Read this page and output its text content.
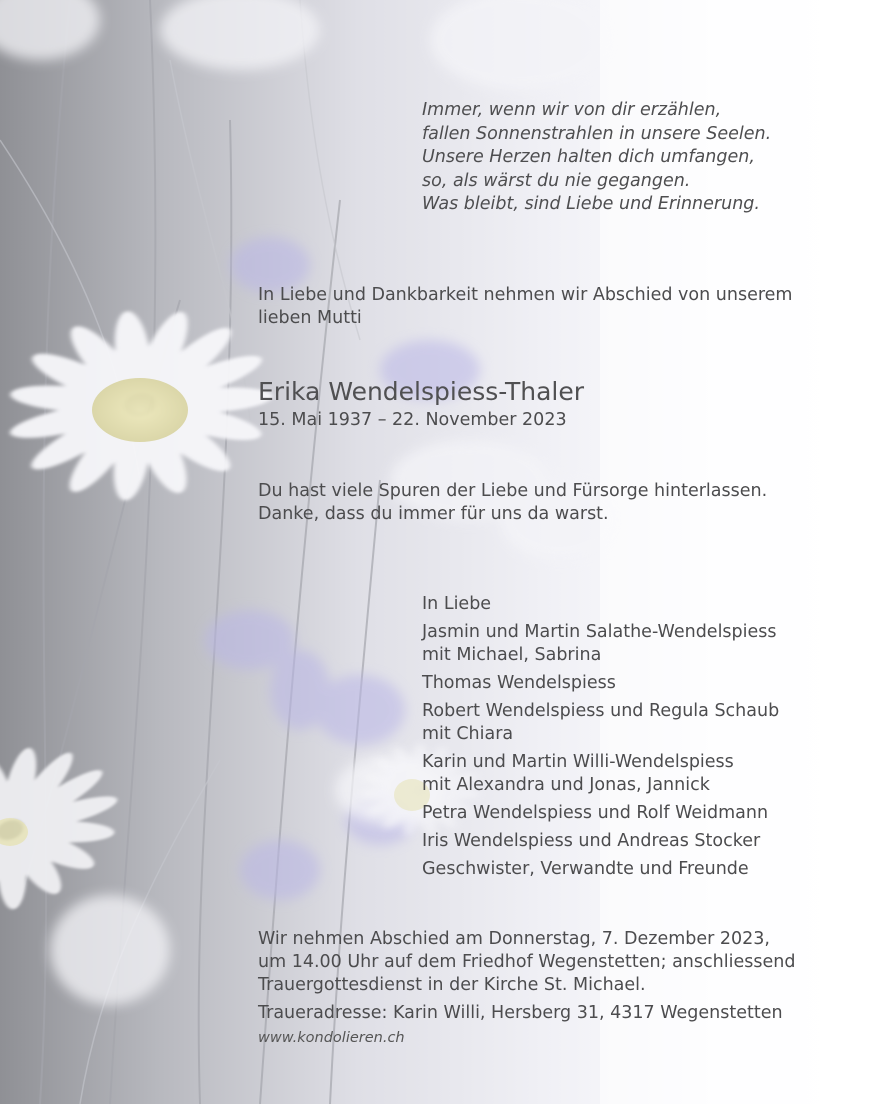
Immer, wenn wir von dir erzählen,
fallen Sonnenstrahlen in unsere Seelen.
Unsere Herzen halten dich umfangen,
so, als wärst du nie gegangen.
Was bleibt, sind Liebe und Erinnerung.
In Liebe und Dankbarkeit nehmen wir Abschied von unserem
lieben Mutti
Erika Wendelspiess-Thaler
15. Mai 1937 – 22. November 2023
Du hast viele Spuren der Liebe und Fürsorge hinterlassen.
Danke, dass du immer für uns da warst.
In Liebe
Jasmin und Martin Salathe-Wendelspiess
mit Michael, Sabrina
Thomas Wendelspiess
Robert Wendelspiess und Regula Schaub
mit Chiara
Karin und Martin Willi-Wendelspiess
mit Alexandra und Jonas, Jannick
Petra Wendelspiess und Rolf Weidmann
Iris Wendelspiess und Andreas Stocker
Geschwister, Verwandte und Freunde
Wir nehmen Abschied am Donnerstag, 7. Dezember 2023,
um 14.00 Uhr auf dem Friedhof Wegenstetten; anschliessend
Trauergottesdienst in der Kirche St. Michael.
Traueradresse: Karin Willi, Hersberg 31, 4317 Wegenstetten
www.kondolieren.ch
